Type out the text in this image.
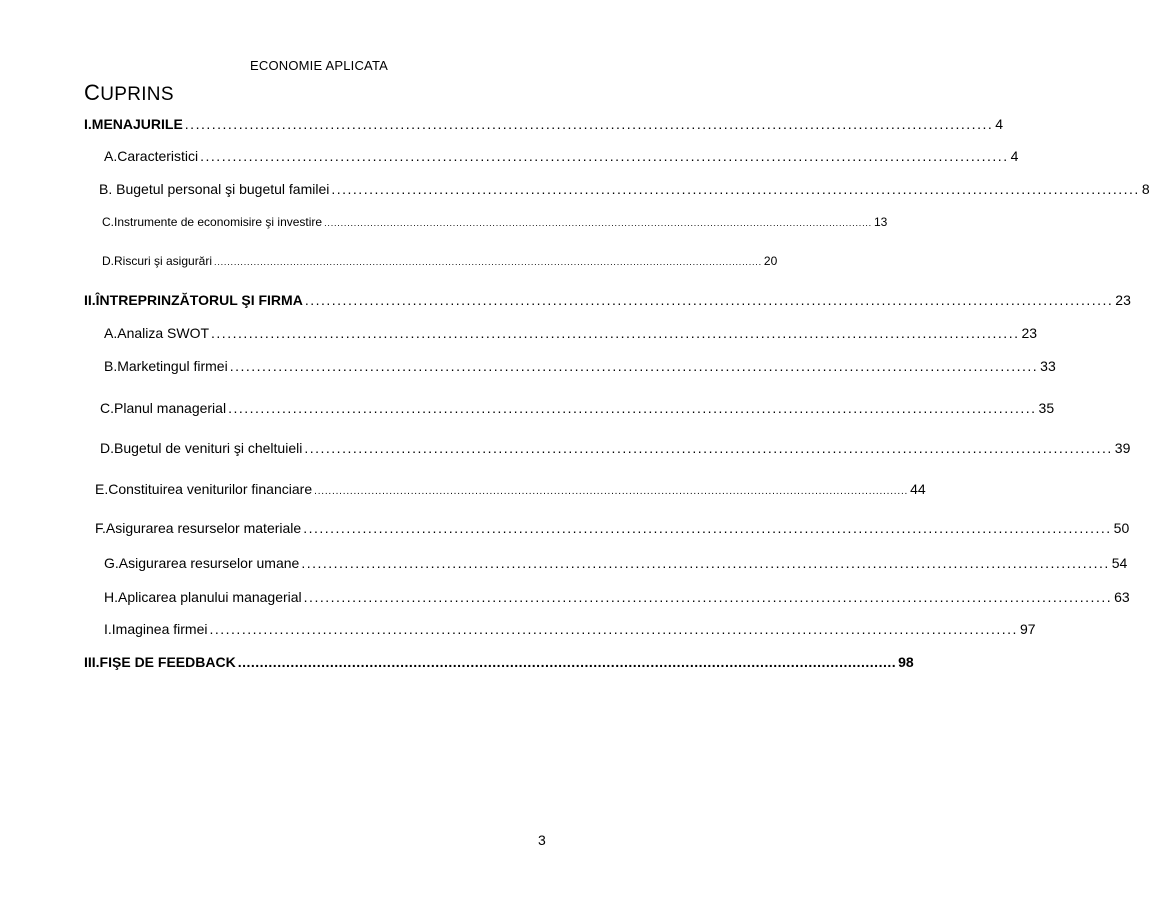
ECONOMIE APLICATA
CUPRINS
I.MENAJURILE ...................................................................................................................................................... 4
A.Caracteristici ...................................................................................................................................................... 4
B. Bugetul personal şi bugetul familei ...................................................................................................................................................... 8
C.Instrumente de economisire şi investire ...................................................................................................................................................................... 13
D.Riscuri şi asigurări ...................................................................................................................................................................... 20
II.ÎNTREPRINZĂTORUL ŞI FIRMA ...................................................................................................................................................... 23
A.Analiza SWOT ...................................................................................................................................................... 23
B.Marketingul firmei ...................................................................................................................................................... 33
C.Planul managerial ...................................................................................................................................................... 35
D.Bugetul de venituri şi cheltuieli ...................................................................................................................................................... 39
E.Constituirea veniturilor financiare ...................................................................................................................................................................... 44
F.Asigurarea resurselor materiale ...................................................................................................................................................... 50
G.Asigurarea resurselor umane ...................................................................................................................................................... 54
H.Aplicarea planului managerial ...................................................................................................................................................... 63
I.Imaginea firmei ...................................................................................................................................................... 97
III.FIŞE DE FEEDBACK ...................................................................................................................................................... 98
3
